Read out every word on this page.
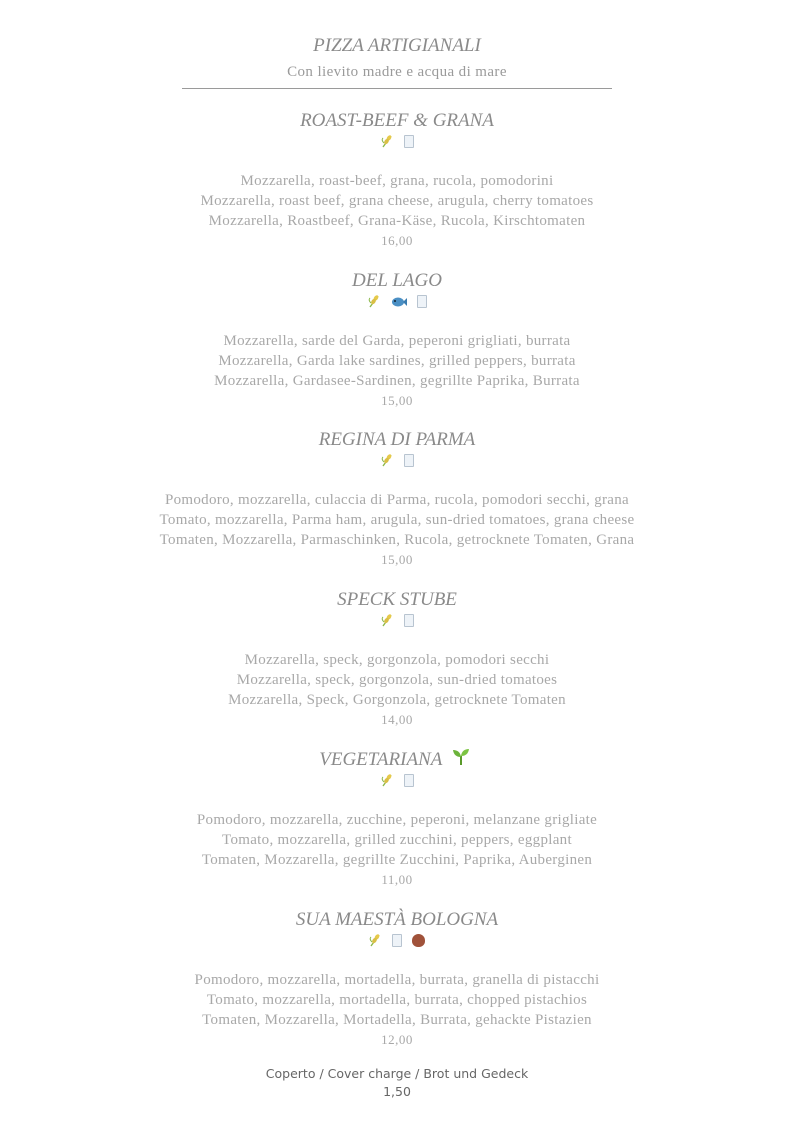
PIZZA ARTIGIANALI
Con lievito madre e acqua di mare
ROAST-BEEF & GRANA
Mozzarella, roast-beef, grana, rucola, pomodorini
Mozzarella, roast beef, grana cheese, arugula, cherry tomatoes
Mozzarella, Roastbeef, Grana-Käse, Rucola, Kirschtomaten
16,00
DEL LAGO
Mozzarella, sarde del Garda, peperoni grigliati, burrata
Mozzarella, Garda lake sardines, grilled peppers, burrata
Mozzarella, Gardasee-Sardinen, gegrillte Paprika, Burrata
15,00
REGINA DI PARMA
Pomodoro, mozzarella, culaccia di Parma, rucola, pomodori secchi, grana
Tomato, mozzarella, Parma ham, arugula, sun-dried tomatoes, grana cheese
Tomaten, Mozzarella, Parmaschinken, Rucola, getrocknete Tomaten, Grana
15,00
SPECK STUBE
Mozzarella, speck, gorgonzola, pomodori secchi
Mozzarella, speck, gorgonzola, sun-dried tomatoes
Mozzarella, Speck, Gorgonzola, getrocknete Tomaten
14,00
VEGETARIANA
Pomodoro, mozzarella, zucchine, peperoni, melanzane grigliate
Tomato, mozzarella, grilled zucchini, peppers, eggplant
Tomaten, Mozzarella, gegrillte Zucchini, Paprika, Auberginen
11,00
SUA MAESTÀ BOLOGNA
Pomodoro, mozzarella, mortadella, burrata, granella di pistacchi
Tomato, mozzarella, mortadella, burrata, chopped pistachios
Tomaten, Mozzarella, Mortadella, Burrata, gehackte Pistazien
12,00
Coperto / Cover charge / Brot und Gedeck
1,50
